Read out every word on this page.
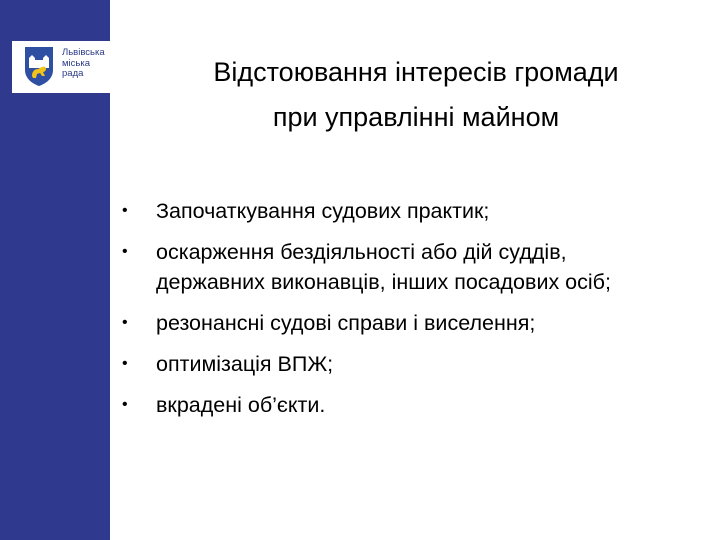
Львівська
міська
рада	Відстоювання інтересів громади
при управлінні майном
• Започаткування судових практик;
• оскарження бездіяльності або дій суддів,
державних виконавців, інших посадових осіб;
• резонансні судові справи і виселення;
• оптимізація ВПЖ;
• вкрадені об’єкти.
